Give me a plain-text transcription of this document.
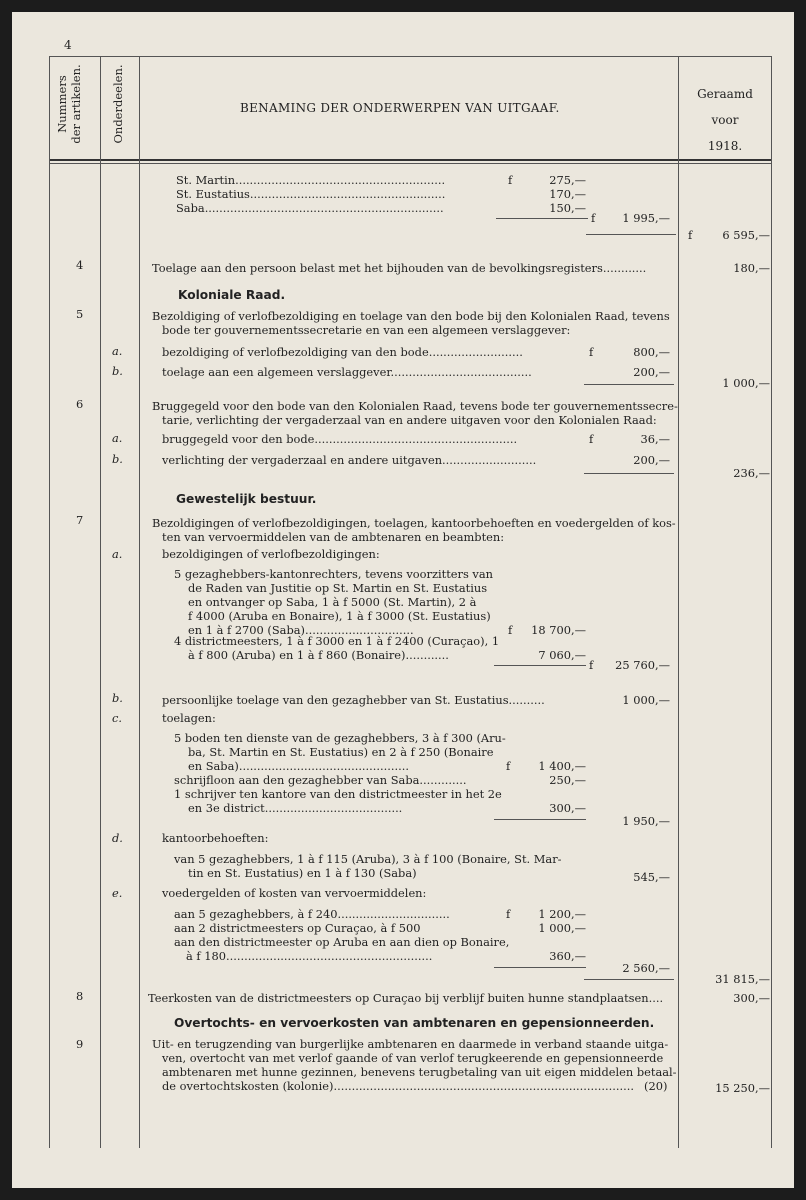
4
Nummers der artikelen. Onderdeelen.	BENAMING DER ONDERWERPEN VAN UITGAAF.
Geraamd
voor
1918.
St. Martin..........................................................	f	275,—
St. Eustatius......................................................	170,—
Saba..................................................................	150,—
f	1 995,—
f	6 595,—
4	Toelage aan den persoon belast met het bijhouden van de bevolkingsregisters............	180,—
Koloniale Raad.
5	Bezoldiging of verlofbezoldiging en toelage van den bode bij den Kolonialen Raad, tevens
bode ter gouvernementssecretarie en van een algemeen verslaggever:
a.	bezoldiging of verlofbezoldiging van den bode..........................	f	800,—
b.	toelage aan een algemeen verslaggever.......................................	200,—
1 000,—
6	Bruggegeld voor den bode van den Kolonialen Raad, tevens bode ter gouvernementssecre-
tarie, verlichting der vergaderzaal van en andere uitgaven voor den Kolonialen Raad:
a.	bruggegeld voor den bode........................................................	f	36,—
b.	verlichting der vergaderzaal en andere uitgaven..........................	200,—
236,—
Gewestelijk bestuur.
7	Bezoldigingen of verlofbezoldigingen, toelagen, kantoorbehoeften en voedergelden of kos-
ten van vervoermiddelen van de ambtenaren en beambten:
a.	bezoldigingen of verlofbezoldigingen:
5 gezaghebbers-kantonrechters, tevens voorzitters van
de Raden van Justitie op St. Martin en St. Eustatius
en ontvanger op Saba, 1 à f 5000 (St. Martin), 2 à
f 4000 (Aruba en Bonaire), 1 à f 3000 (St. Eustatius)
en 1 à f 2700 (Saba)..............................	f	18 700,—
4 districtmeesters, 1 à f 3000 en 1 à f 2400 (Curaçao), 1
à f 800 (Aruba) en 1 à f 860 (Bonaire)............	7 060,—
f	25 760,—
b.	persoonlijke toelage van den gezaghebber van St. Eustatius..........	1 000,—
c.	toelagen:
5 boden ten dienste van de gezaghebbers, 3 à f 300 (Aru-
ba, St. Martin en St. Eustatius) en 2 à f 250 (Bonaire
en Saba)...............................................	f	1 400,—
schrijfloon aan den gezaghebber van Saba.............	250,—
1 schrijver ten kantore van den districtmeester in het 2e
en 3e district......................................	300,—
1 950,—
d.	kantoorbehoeften:
van 5 gezaghebbers, 1 à f 115 (Aruba), 3 à f 100 (Bonaire, St. Mar-
tin en St. Eustatius) en 1 à f 130 (Saba)	545,—
e.	voedergelden of kosten van vervoermiddelen:
aan 5 gezaghebbers, à f 240...............................	f	1 200,—
aan 2 districtmeesters op Curaçao, à f 500	1 000,—
aan den districtmeester op Aruba en aan dien op Bonaire,
à f 180.........................................................	360,—
2 560,—
31 815,—
8	Teerkosten van de districtmeesters op Curaçao bij verblijf buiten hunne standplaatsen....	300,—
Overtochts- en vervoerkosten van ambtenaren en gepensionneerden.
9	Uit- en terugzending van burgerlijke ambtenaren en daarmede in verband staande uitga-
ven, overtocht van met verlof gaande of van verlof terugkeerende en gepensionneerde
ambtenaren met hunne gezinnen, benevens terugbetaling van uit eigen middelen betaal-
de overtochtskosten (kolonie)................................................................................... (20)	15 250,—
